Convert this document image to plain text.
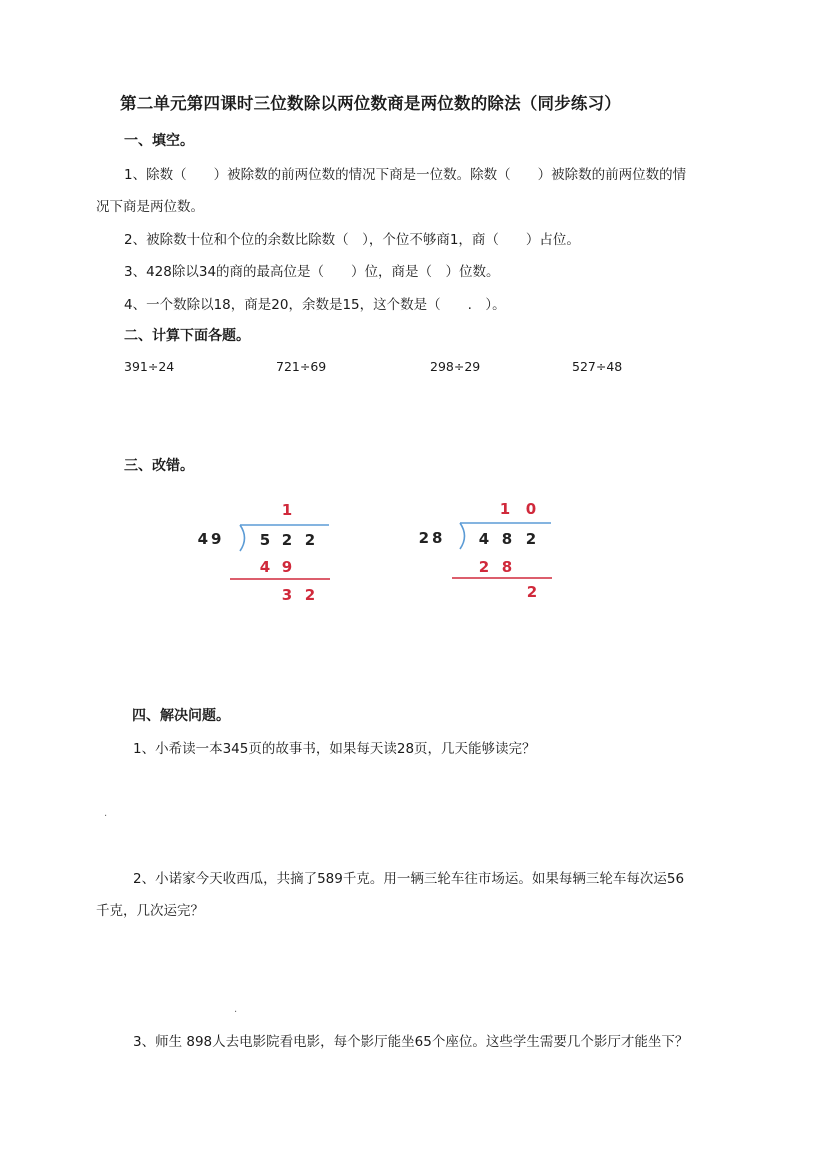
第二单元第四课时三位数除以两位数商是两位数的除法（同步练习）
一、填空。
1、除数（　　）被除数的前两位数的情况下商是一位数。除数（　　）被除数的前两位数的情
况下商是两位数。
2、被除数十位和个位的余数比除数（　），个位不够商1，商（　　）占位。
3、428除以34的商的最高位是（　　）位，商是（　）位数。
4、一个数除以18，商是20，余数是15，这个数是（　　.　）。
二、计算下面各题。
391÷24	721÷69	298÷29	527÷48
三、改错。
1
49 5 2 2
4 9
3 2
1 0
28 4 8 2
2 8
2
四、解决问题。
1、小希读一本345页的故事书，如果每天读28页，几天能够读完？
.
2、小诺家今天收西瓜，共摘了589千克。用一辆三轮车往市场运。如果每辆三轮车每次运56
千克，几次运完？
.
3、师生 898人去电影院看电影，每个影厅能坐65个座位。这些学生需要几个影厅才能坐下？
